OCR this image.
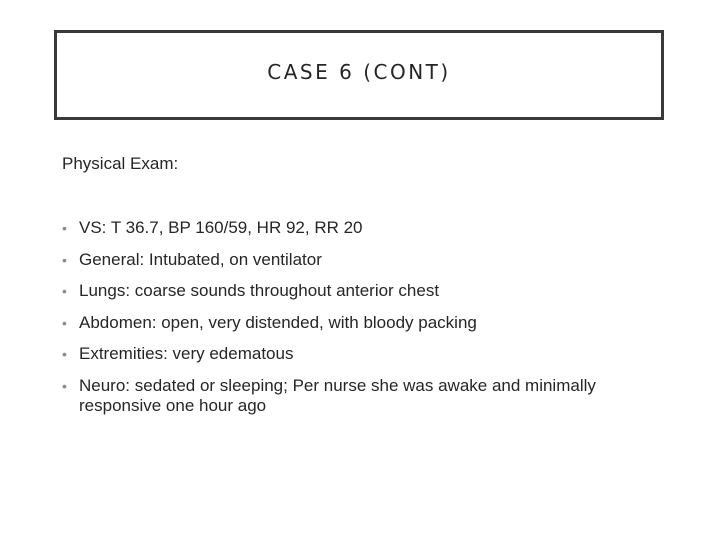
CASE 6 (CONT)
Physical Exam:
• VS: T 36.7, BP 160/59, HR 92, RR 20
• General: Intubated, on ventilator
• Lungs: coarse sounds throughout anterior chest
• Abdomen: open, very distended, with bloody packing
• Extremities: very edematous
• Neuro: sedated or sleeping; Per nurse she was awake and minimally responsive one hour ago
